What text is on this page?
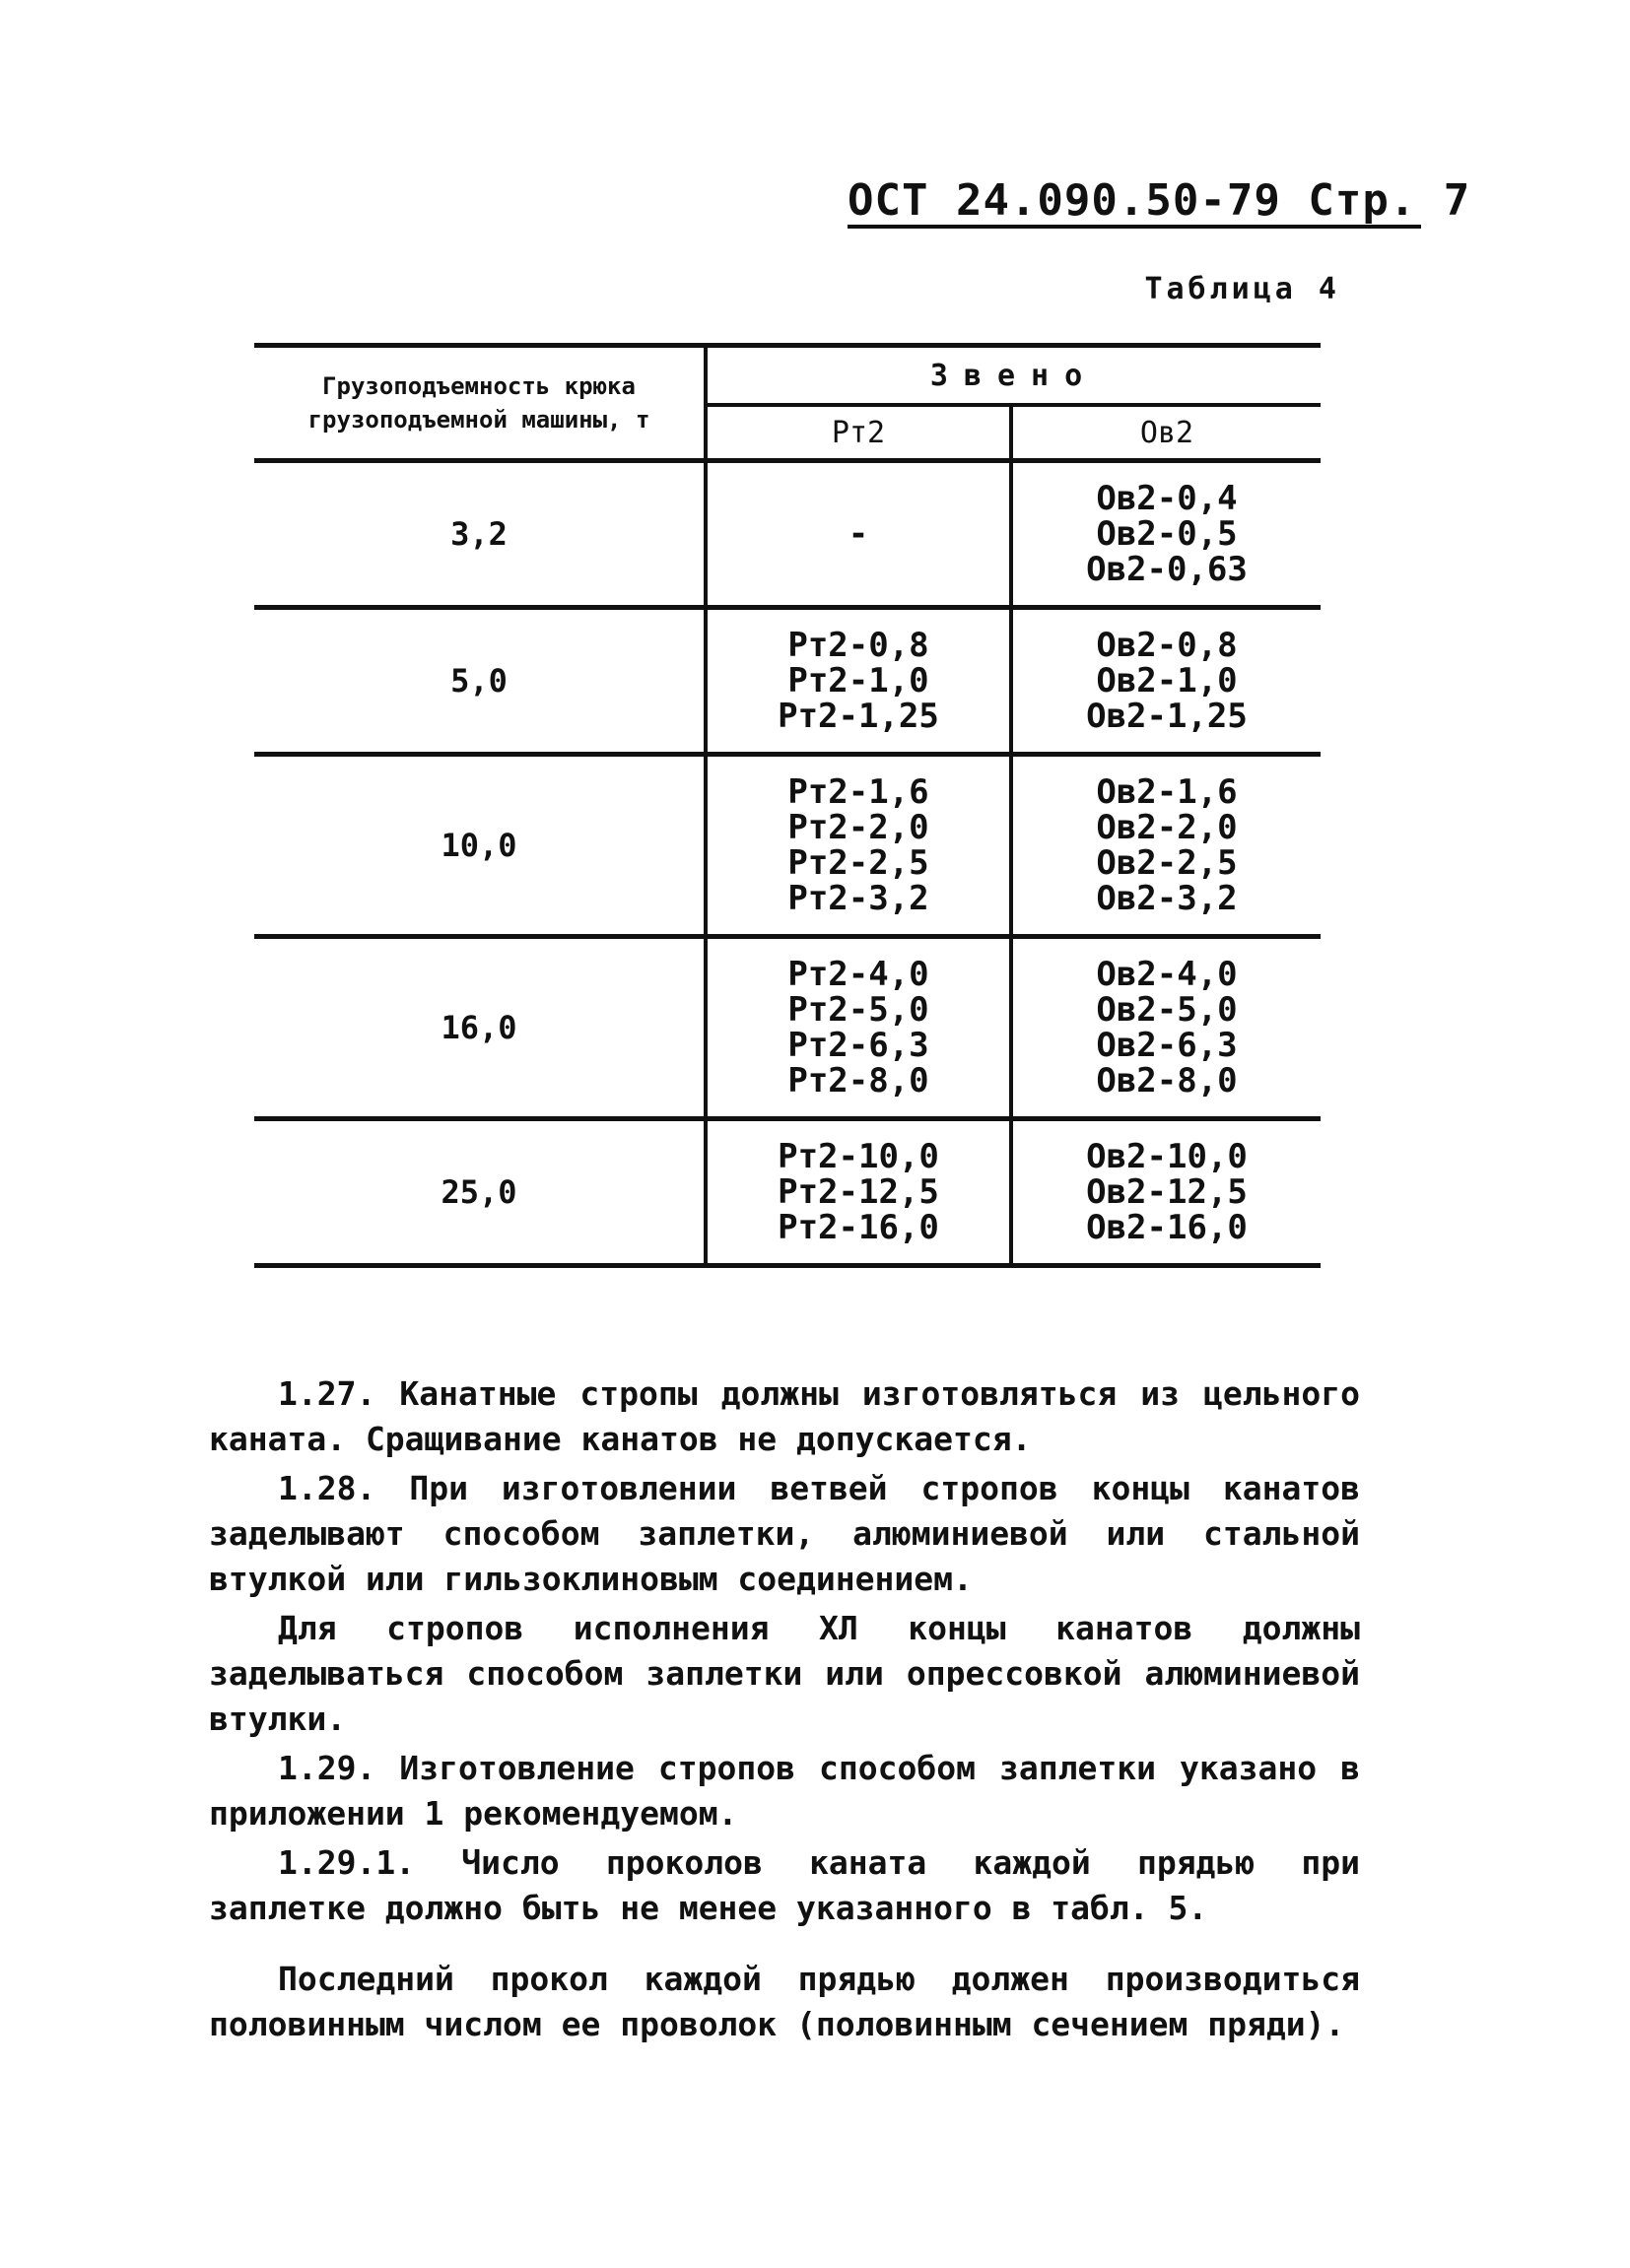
ОСТ 24.090.50-79 Стр. 7
Таблица 4
Грузоподъемность крюка грузоподъемной машины, т	Звено	
	Рт2	Ов2
3,2	-	Ов2-0,4
Ов2-0,5
Ов2-0,63

5,0	Рт2-0,8
Рт2-1,0
Рт2-1,25	Ов2-0,8
Ов2-1,0
Ов2-1,25

10,0	Рт2-1,6
Рт2-2,0
Рт2-2,5
Рт2-3,2	Ов2-1,6
Ов2-2,0
Ов2-2,5
Ов2-3,2

16,0	Рт2-4,0
Рт2-5,0
Рт2-6,3
Рт2-8,0	Ов2-4,0
Ов2-5,0
Ов2-6,3
Ов2-8,0

25,0	Рт2-10,0
Рт2-12,5
Рт2-16,0	Ов2-10,0
Ов2-12,5
Ов2-16,0

1.27. Канатные стропы должны изготовляться из цельного каната. Сращивание канатов не допускается.

1.28. При изготовлении ветвей стропов концы канатов заделывают способом заплетки, алюминиевой или стальной втулкой или гильзоклиновым соединением.

Для стропов исполнения ХЛ концы канатов должны заделываться способом заплетки или опрессовкой алюминиевой втулки.

1.29. Изготовление стропов способом заплетки указано в приложении 1 рекомендуемом.

1.29.1. Число проколов каната каждой прядью при заплетке должно быть не менее указанного в табл. 5.

Последний прокол каждой прядью должен производиться половинным числом ее проволок (половинным сечением пряди).
